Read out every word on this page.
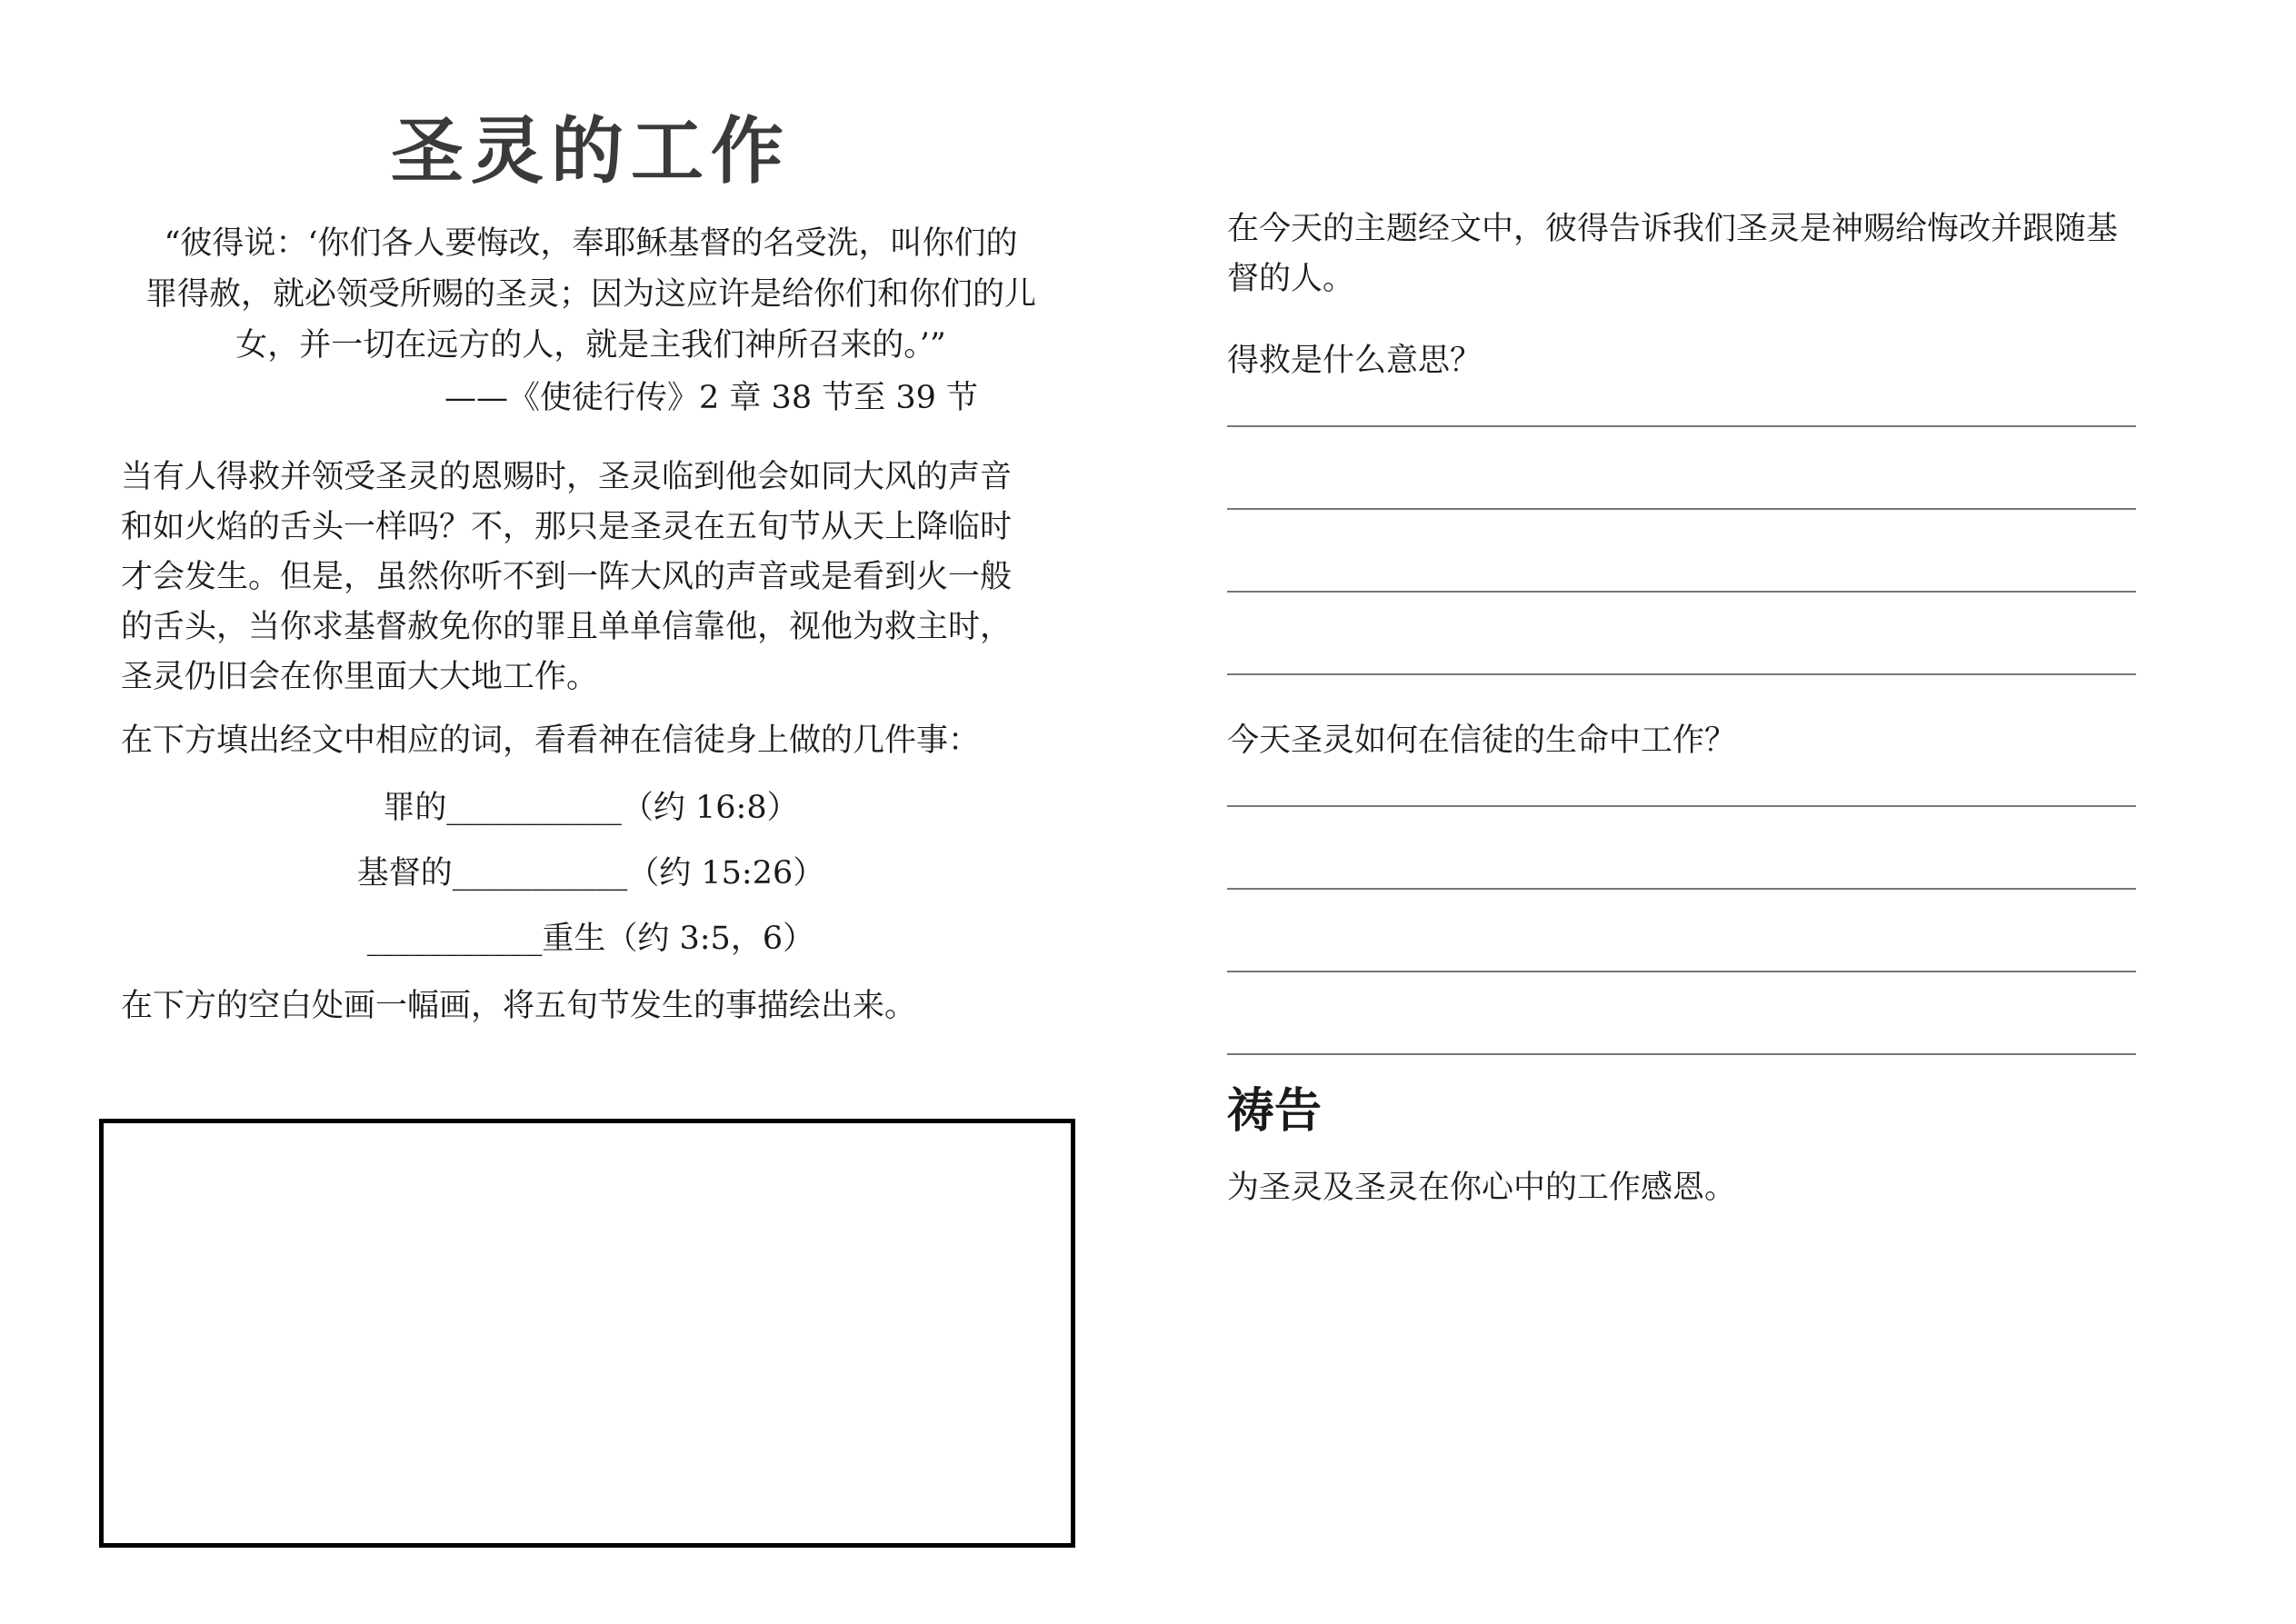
圣灵的工作
“彼得说：‘你们各人要悔改，奉耶稣基督的名受洗，叫你们的
罪得赦，就必领受所赐的圣灵；因为这应许是给你们和你们的儿
女，并一切在远方的人，就是主我们神所召来的。’”
——《使徒行传》2 章 38 节至 39 节
当有人得救并领受圣灵的恩赐时，圣灵临到他会如同大风的声音
和如火焰的舌头一样吗？不，那只是圣灵在五旬节从天上降临时
才会发生。但是，虽然你听不到一阵大风的声音或是看到火一般
的舌头，当你求基督赦免你的罪且单单信靠他，视他为救主时，
圣灵仍旧会在你里面大大地工作。
在下方填出经文中相应的词，看看神在信徒身上做的几件事：
罪的___________（约 16:8）
基督的___________（约 15:26）
___________重生（约 3:5，6）
在下方的空白处画一幅画，将五旬节发生的事描绘出来。
在今天的主题经文中，彼得告诉我们圣灵是神赐给悔改并跟随基
督的人。
得救是什么意思？
今天圣灵如何在信徒的生命中工作？
祷告
为圣灵及圣灵在你心中的工作感恩。
